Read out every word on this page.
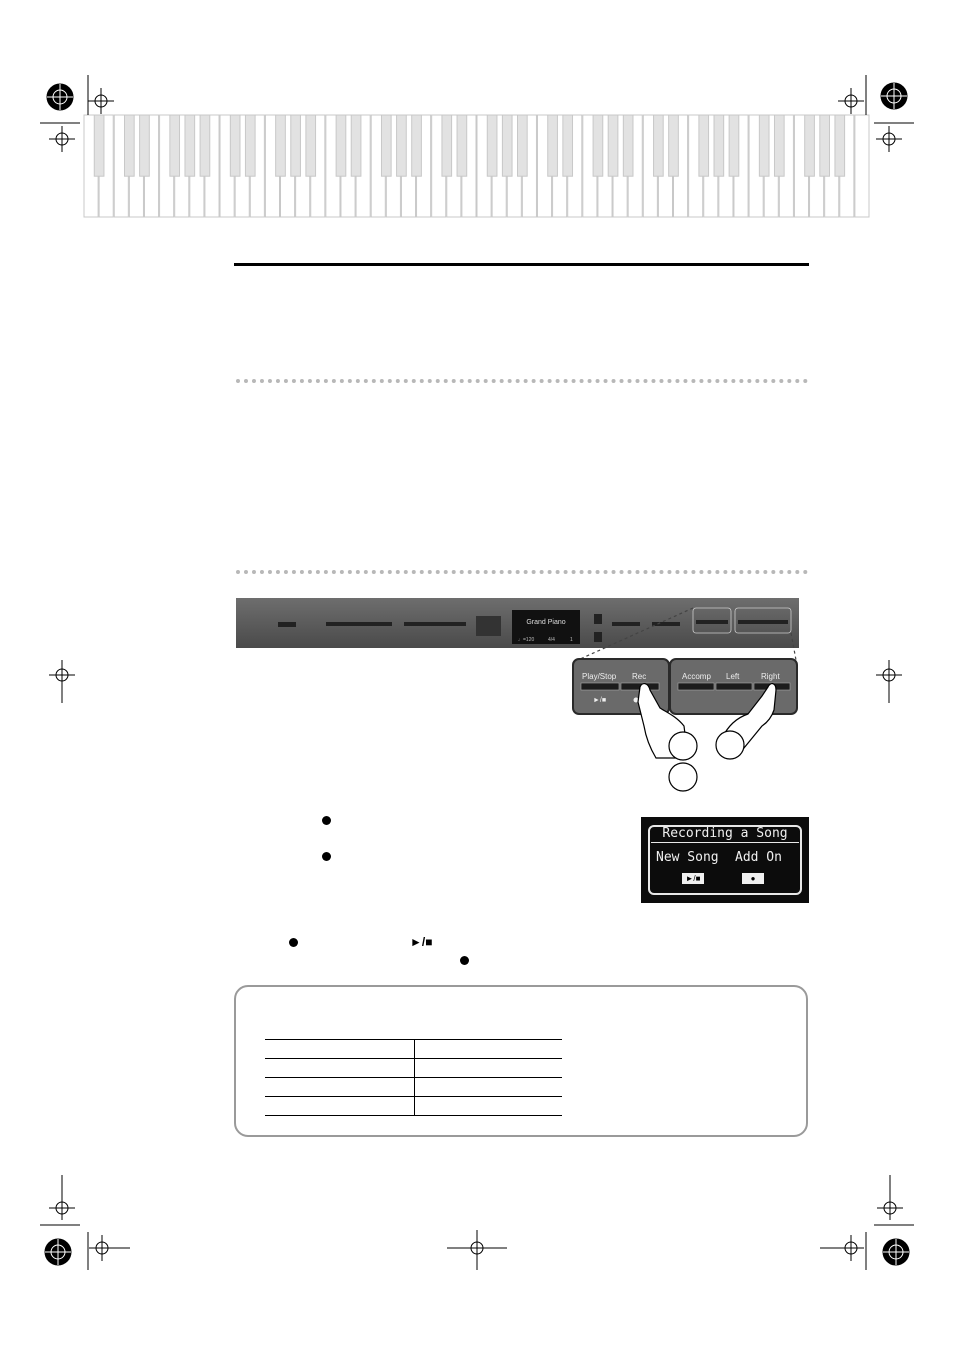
Grand Piano
♩=120	4/4	1
Play/Stop Rec
►/■
Accomp Left	Right
Recording a Song
New Song Add On
►/■	●
►/■
